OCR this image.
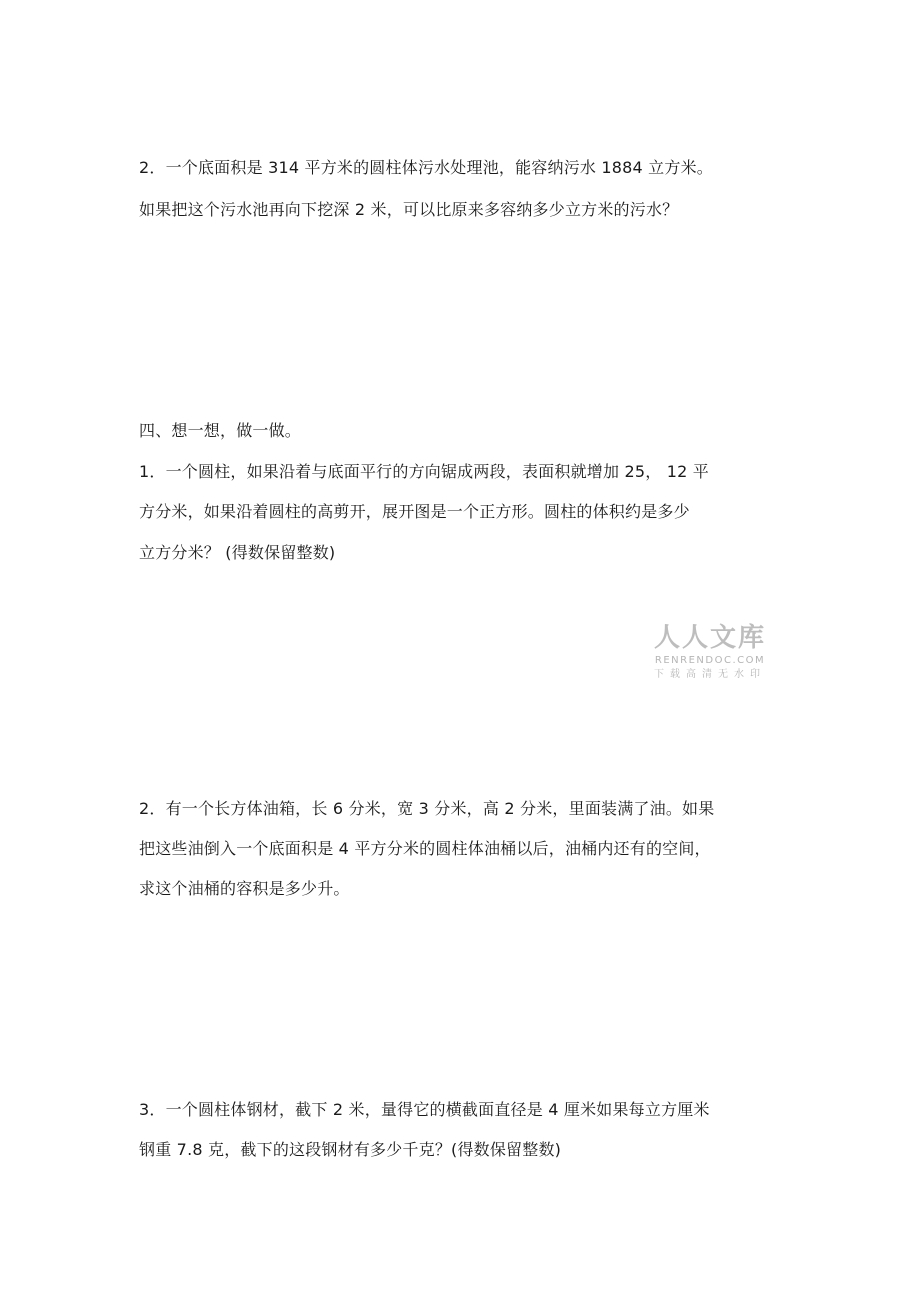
2．一个底面积是 314 平方米的圆柱体污水处理池，能容纳污水 1884 立方米。
如果把这个污水池再向下挖深 2 米，可以比原来多容纳多少立方米的污水？
四、想一想，做一做。
1．一个圆柱，如果沿着与底面平行的方向锯成两段，表面积就增加 25， 12 平
方分米，如果沿着圆柱的高剪开，展开图是一个正方形。圆柱的体积约是多少
立方分米？ (得数保留整数)
人人文库
RENRENDOC.COM
下载高清无水印
2．有一个长方体油箱，长 6 分米，宽 3 分米，高 2 分米，里面装满了油。如果
把这些油倒入一个底面积是 4 平方分米的圆柱体油桶以后，油桶内还有的空间，
求这个油桶的容积是多少升。
3．一个圆柱体钢材，截下 2 米，量得它的横截面直径是 4 厘米如果每立方厘米
钢重 7.8 克，截下的这段钢材有多少千克？(得数保留整数)
